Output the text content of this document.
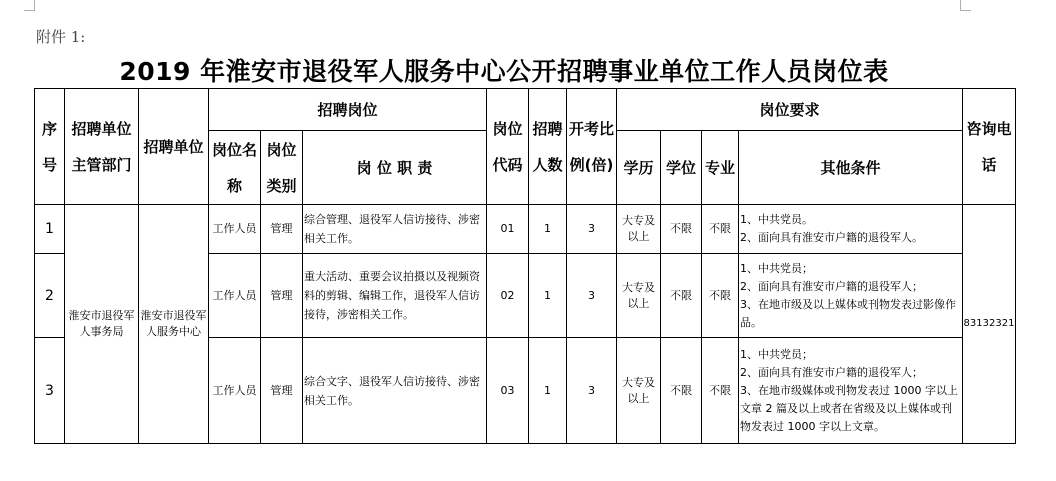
附件 1:
2019 年淮安市退役军人服务中心公开招聘事业单位工作人员岗位表
序号	招聘单位主管部门	招聘单位	招聘岗位			岗位代码	招聘人数	开考比例(倍)	岗位要求				咨询电话
			岗位名称	岗位类别	岗 位 职 责				学历	学位	专业	其他条件	
1	淮安市退役军人事务局	淮安市退役军人服务中心	工作人员	管理	综合管理、退役军人信访接待、涉密相关工作。	01	1	3	大专及以上	不限	不限	1、中共党员。
2、面向具有淮安市户籍的退役军人。	83132321
2			工作人员	管理	重大活动、重要会议拍摄以及视频资料的剪辑、编辑工作，退役军人信访接待，涉密相关工作。	02	1	3	大专及以上	不限	不限	1、中共党员；
2、面向具有淮安市户籍的退役军人；
3、在地市级及以上媒体或刊物发表过影像作品。	

3			工作人员	管理	综合文字、退役军人信访接待、涉密相关工作。	03	1	3	大专及以上	不限	不限	1、中共党员；
2、面向具有淮安市户籍的退役军人；
3、在地市级媒体或刊物发表过 1000 字以上文章 2 篇及以上或者在省级及以上媒体或刊物发表过 1000 字以上文章。	
